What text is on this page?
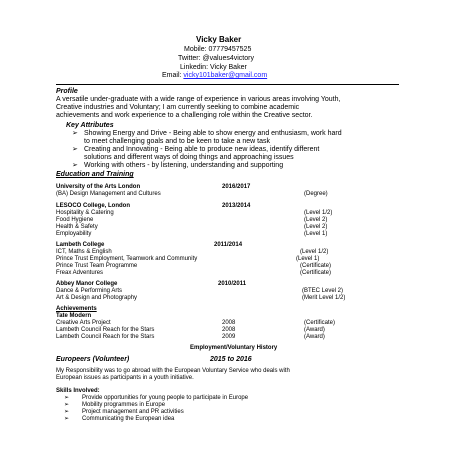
Vicky Baker
Mobile: 07779457525
Twitter: @values4victory
Linkedin: Vicky Baker
Email: vicky101baker@gmail.com
Profile
A versatile under-graduate with a wide range of experience in various areas involving Youth,
Creative industries and Voluntary; I am currently seeking to combine academic
achievements and work experience to a challenging role within the Creative sector.
Key Attributes
➢ Showing Energy and Drive - Being able to show energy and enthusiasm, work hard
to meet challenging goals and to be keen to take a new task
➢ Creating and Innovating - Being able to produce new ideas, identify different
solutions and different ways of doing things and approaching issues
➢ Working with others - by listening, understanding and supporting
Education and Training
University of the Arts London	2016/2017
(BA) Design Management and Cultures	(Degree)
LESOCO College, London	2013/2014
Hospitality & Catering	(Level 1/2)
Food Hygiene	(Level 2)
Health & Safety	(Level 2)
Employability	(Level 1)
Lambeth College	2011/2014
ICT, Maths & English	(Level 1/2)
Prince Trust Employment, Teamwork and Community	(Level 1)
Prince Trust Team Programme	(Certificate)
Freax Adventures	(Certificate)
Abbey Manor College	2010/2011
Dance & Performing Arts	(BTEC Level 2)
Art & Design and Photography	(Merit Level 1/2)
Achievements
Tate Modern
Creative Arts Project	2008	(Certificate)
Lambeth Council Reach for the Stars	2008	(Award)
Lambeth Council Reach for the Stars	2009	(Award)
Employment/Voluntary History
Europeers (Volunteer)	2015 to 2016
My Responsibility was to go abroad with the European Voluntary Service who deals with
European issues as participants in a youth initiative.
Skills Involved:
➢ Provide opportunities for young people to participate in Europe
➢ Mobility programmes in Europe
➢ Project management and PR activities
➢ Communicating the European idea
